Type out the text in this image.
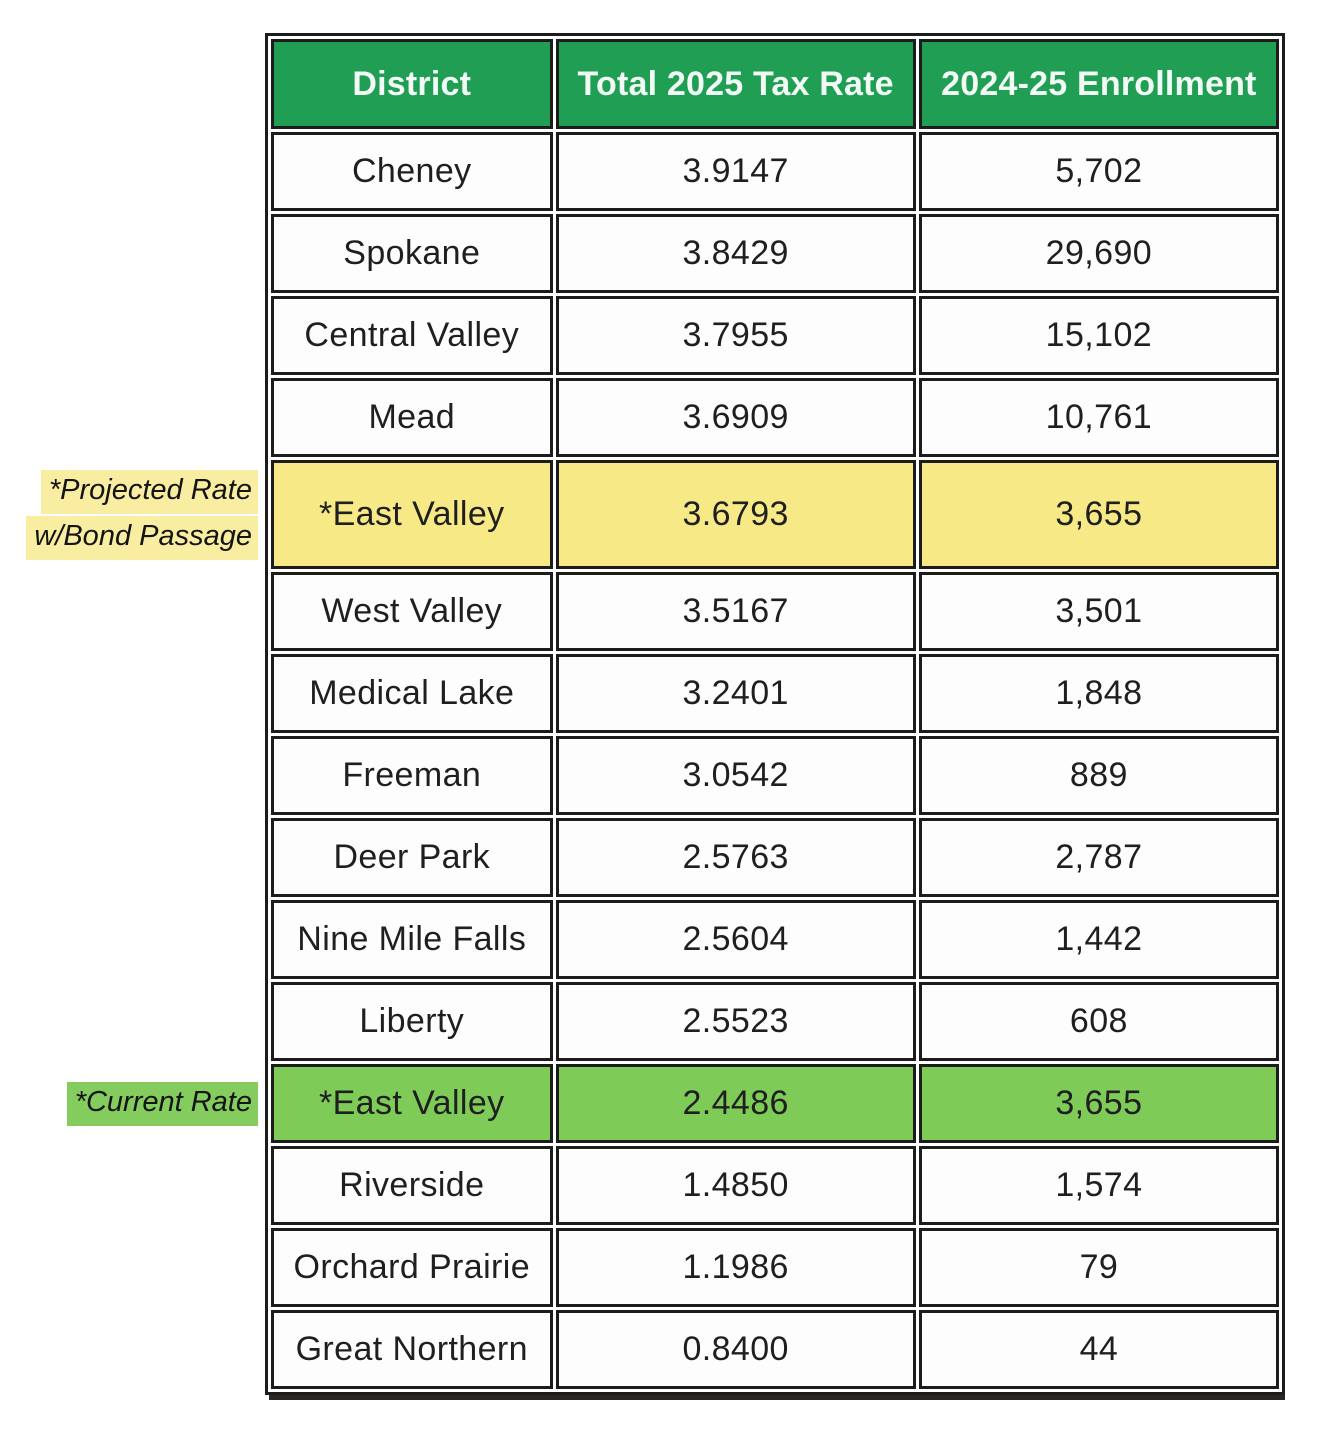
*Projected Rate
w/Bond Passage
*Current Rate
District	Total 2025 Tax Rate	2024-25 Enrollment
Cheney	3.9147	5,702
Spokane	3.8429	29,690
Central Valley	3.7955	15,102
Mead	3.6909	10,761
*East Valley	3.6793	3,655
West Valley	3.5167	3,501
Medical Lake	3.2401	1,848
Freeman	3.0542	889
Deer Park	2.5763	2,787
Nine Mile Falls	2.5604	1,442
Liberty	2.5523	608
*East Valley	2.4486	3,655
Riverside	1.4850	1,574
Orchard Prairie	1.1986	79
Great Northern	0.8400	44
